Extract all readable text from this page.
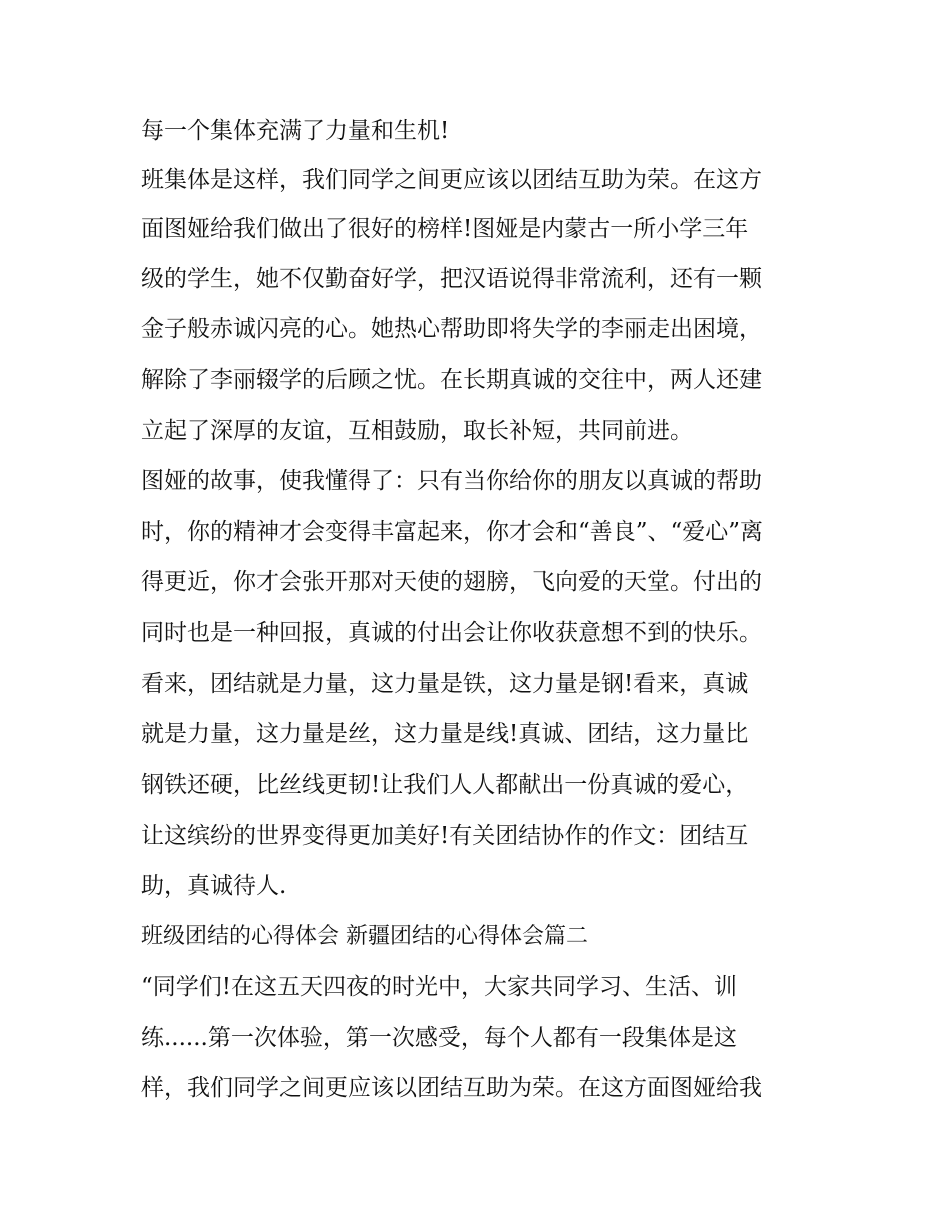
每一个集体充满了力量和生机!
班集体是这样，我们同学之间更应该以团结互助为荣。在这方
面图娅给我们做出了很好的榜样!图娅是内蒙古一所小学三年
级的学生，她不仅勤奋好学，把汉语说得非常流利，还有一颗
金子般赤诚闪亮的心。她热心帮助即将失学的李丽走出困境，
解除了李丽辍学的后顾之忧。在长期真诚的交往中，两人还建
立起了深厚的友谊，互相鼓励，取长补短，共同前进。
图娅的故事，使我懂得了：只有当你给你的朋友以真诚的帮助
时，你的精神才会变得丰富起来，你才会和“善良”、“爱心”离
得更近，你才会张开那对天使的翅膀，飞向爱的天堂。付出的
同时也是一种回报，真诚的付出会让你收获意想不到的快乐。
看来，团结就是力量，这力量是铁，这力量是钢!看来，真诚
就是力量，这力量是丝，这力量是线!真诚、团结，这力量比
钢铁还硬，比丝线更韧!让我们人人都献出一份真诚的爱心，
让这缤纷的世界变得更加美好!有关团结协作的作文：团结互
助，真诚待人.
班级团结的心得体会 新疆团结的心得体会篇二
“同学们!在这五天四夜的时光中，大家共同学习、生活、训
练......第一次体验，第一次感受，每个人都有一段集体是这
样，我们同学之间更应该以团结互助为荣。在这方面图娅给我
